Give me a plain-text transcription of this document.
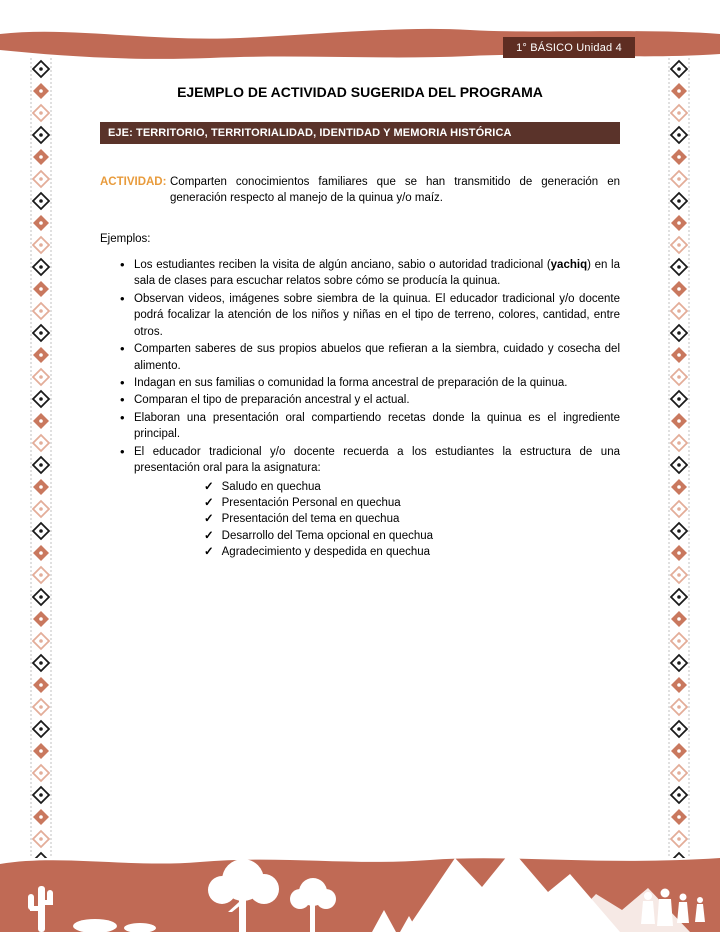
1° BÁSICO Unidad 4
EJEMPLO DE ACTIVIDAD SUGERIDA DEL PROGRAMA
EJE: TERRITORIO, TERRITORIALIDAD, IDENTIDAD Y MEMORIA HISTÓRICA
ACTIVIDAD: Comparten conocimientos familiares que se han transmitido de generación en generación respecto al manejo de la quinua y/o maíz.
Ejemplos:
• Los estudiantes reciben la visita de algún anciano, sabio o autoridad tradicional (yachiq) en la sala de clases para escuchar relatos sobre cómo se producía la quinua.
• Observan videos, imágenes sobre siembra de la quinua. El educador tradicional y/o docente podrá focalizar la atención de los niños y niñas en el tipo de terreno, colores, cantidad, entre otros.
• Comparten saberes de sus propios abuelos que refieran a la siembra, cuidado y cosecha del alimento.
• Indagan en sus familias o comunidad la forma ancestral de preparación de la quinua.
• Comparan el tipo de preparación ancestral y el actual.
• Elaboran una presentación oral compartiendo recetas donde la quinua es el ingrediente principal.
• El educador tradicional y/o docente recuerda a los estudiantes la estructura de una presentación oral para la asignatura:
✓ Saludo en quechua
✓ Presentación Personal en quechua
✓ Presentación del tema en quechua
✓ Desarrollo del Tema opcional en quechua
✓ Agradecimiento y despedida en quechua
